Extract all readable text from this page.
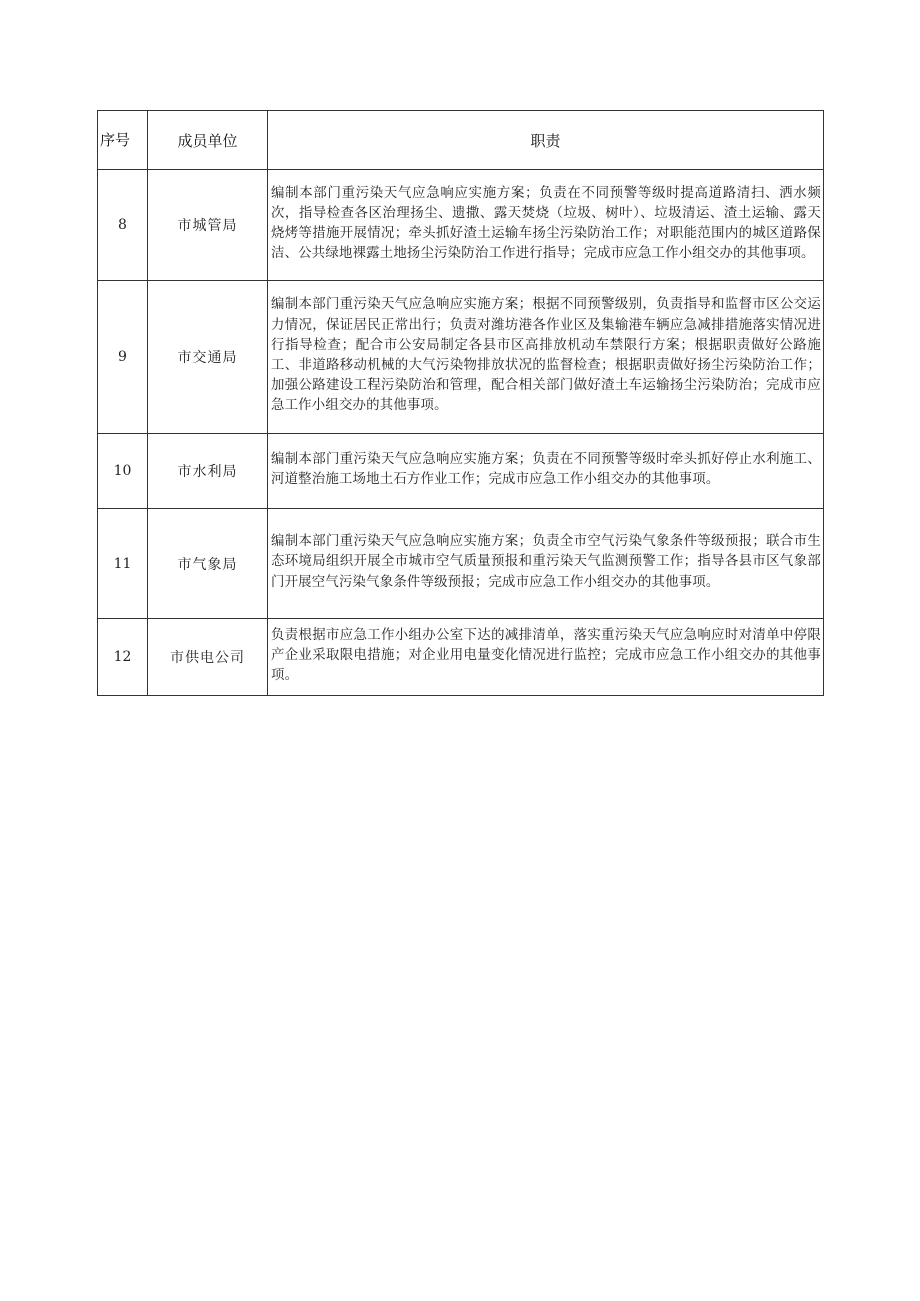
序号	成员单位	职责
8	市城管局	编制本部门重污染天气应急响应实施方案；负责在不同预警等级时提高道路清扫、洒水频次，指导检查各区治理扬尘、遗撒、露天焚烧（垃圾、树叶）、垃圾清运、渣土运输、露天烧烤等措施开展情况；牵头抓好渣土运输车扬尘污染防治工作；对职能范围内的城区道路保洁、公共绿地裸露土地扬尘污染防治工作进行指导；完成市应急工作小组交办的其他事项。
9	市交通局	编制本部门重污染天气应急响应实施方案；根据不同预警级别，负责指导和监督市区公交运力情况，保证居民正常出行；负责对潍坊港各作业区及集输港车辆应急减排措施落实情况进行指导检查；配合市公安局制定各县市区高排放机动车禁限行方案；根据职责做好公路施工、非道路移动机械的大气污染物排放状况的监督检查；根据职责做好扬尘污染防治工作；加强公路建设工程污染防治和管理，配合相关部门做好渣土车运输扬尘污染防治；完成市应急工作小组交办的其他事项。
10	市水利局	编制本部门重污染天气应急响应实施方案；负责在不同预警等级时牵头抓好停止水利施工、河道整治施工场地土石方作业工作；完成市应急工作小组交办的其他事项。
11	市气象局	编制本部门重污染天气应急响应实施方案；负责全市空气污染气象条件等级预报；联合市生态环境局组织开展全市城市空气质量预报和重污染天气监测预警工作；指导各县市区气象部门开展空气污染气象条件等级预报；完成市应急工作小组交办的其他事项。
12	市供电公司	负责根据市应急工作小组办公室下达的减排清单，落实重污染天气应急响应时对清单中停限产企业采取限电措施；对企业用电量变化情况进行监控；完成市应急工作小组交办的其他事项。
